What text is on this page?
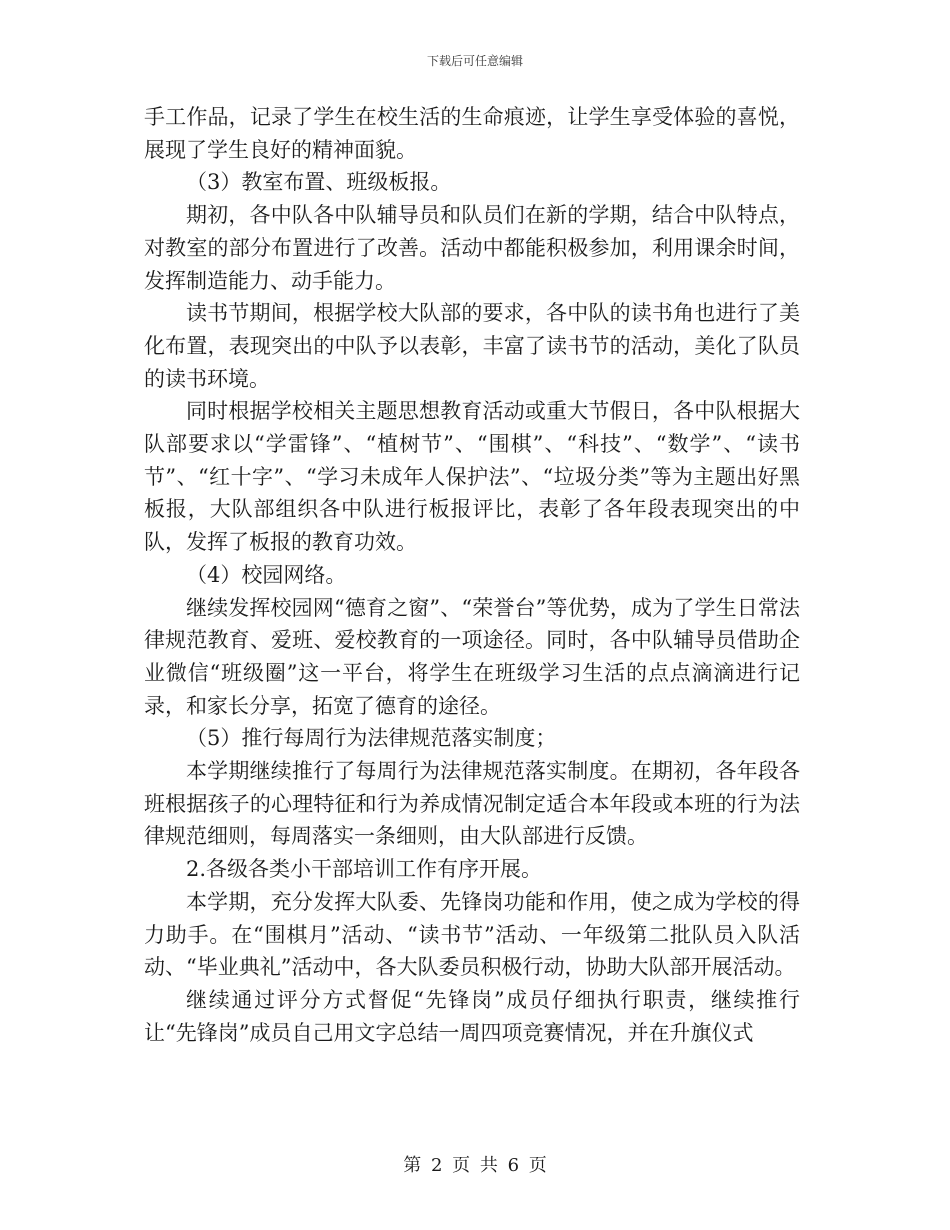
下载后可任意编辑

手工作品，记录了学生在校生活的生命痕迹，让学生享受体验的喜悦，展现了学生良好的精神面貌。

（3）教室布置、班级板报。

期初，各中队各中队辅导员和队员们在新的学期，结合中队特点，对教室的部分布置进行了改善。活动中都能积极参加，利用课余时间，发挥制造能力、动手能力。

读书节期间，根据学校大队部的要求，各中队的读书角也进行了美化布置，表现突出的中队予以表彰，丰富了读书节的活动，美化了队员的读书环境。

同时根据学校相关主题思想教育活动或重大节假日，各中队根据大队部要求以“学雷锋”、“植树节”、“围棋”、“科技”、“数学”、“读书节”、“红十字”、“学习未成年人保护法”、“垃圾分类”等为主题出好黑板报，大队部组织各中队进行板报评比，表彰了各年段表现突出的中队，发挥了板报的教育功效。

（4）校园网络。

继续发挥校园网“德育之窗”、“荣誉台”等优势，成为了学生日常法律规范教育、爱班、爱校教育的一项途径。同时，各中队辅导员借助企业微信“班级圈”这一平台，将学生在班级学习生活的点点滴滴进行记录，和家长分享，拓宽了德育的途径。

（5）推行每周行为法律规范落实制度；

本学期继续推行了每周行为法律规范落实制度。在期初，各年段各班根据孩子的心理特征和行为养成情况制定适合本年段或本班的行为法律规范细则，每周落实一条细则，由大队部进行反馈。

2.各级各类小干部培训工作有序开展。

本学期，充分发挥大队委、先锋岗功能和作用，使之成为学校的得力助手。在“围棋月”活动、“读书节”活动、一年级第二批队员入队活动、“毕业典礼”活动中，各大队委员积极行动，协助大队部开展活动。

继续通过评分方式督促“先锋岗”成员仔细执行职责，继续推行让“先锋岗”成员自己用文字总结一周四项竞赛情况，并在升旗仪式

第 2 页 共 6 页
